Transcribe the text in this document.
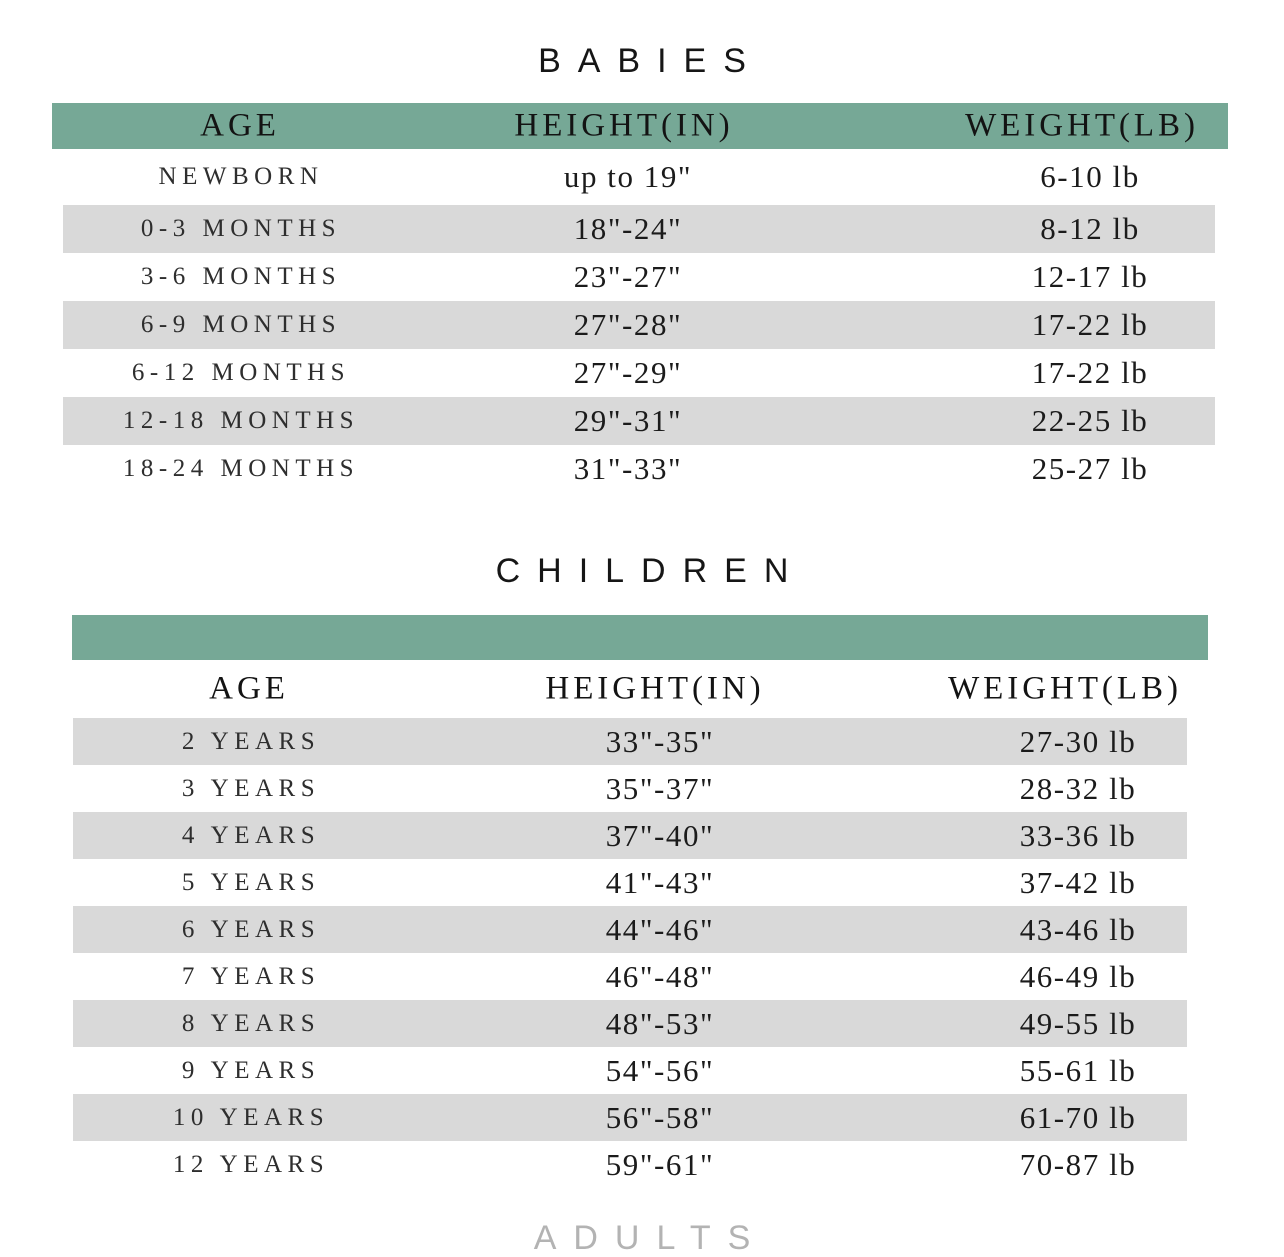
BABIES
AGE	HEIGHT(IN)	WEIGHT(LB)
NEWBORN	up to 19"	6-10 lb
0-3 MONTHS	18"-24"	8-12 lb
3-6 MONTHS	23"-27"	12-17 lb
6-9 MONTHS	27"-28"	17-22 lb
6-12 MONTHS	27"-29"	17-22 lb
12-18 MONTHS	29"-31"	22-25 lb
18-24 MONTHS	31"-33"	25-27 lb
CHILDREN
AGE	HEIGHT(IN)	WEIGHT(LB)
2 YEARS	33"-35"	27-30 lb
3 YEARS	35"-37"	28-32 lb
4 YEARS	37"-40"	33-36 lb
5 YEARS	41"-43"	37-42 lb
6 YEARS	44"-46"	43-46 lb
7 YEARS	46"-48"	46-49 lb
8 YEARS	48"-53"	49-55 lb
9 YEARS	54"-56"	55-61 lb
10 YEARS	56"-58"	61-70 lb
12 YEARS	59"-61"	70-87 lb
ADULTS
